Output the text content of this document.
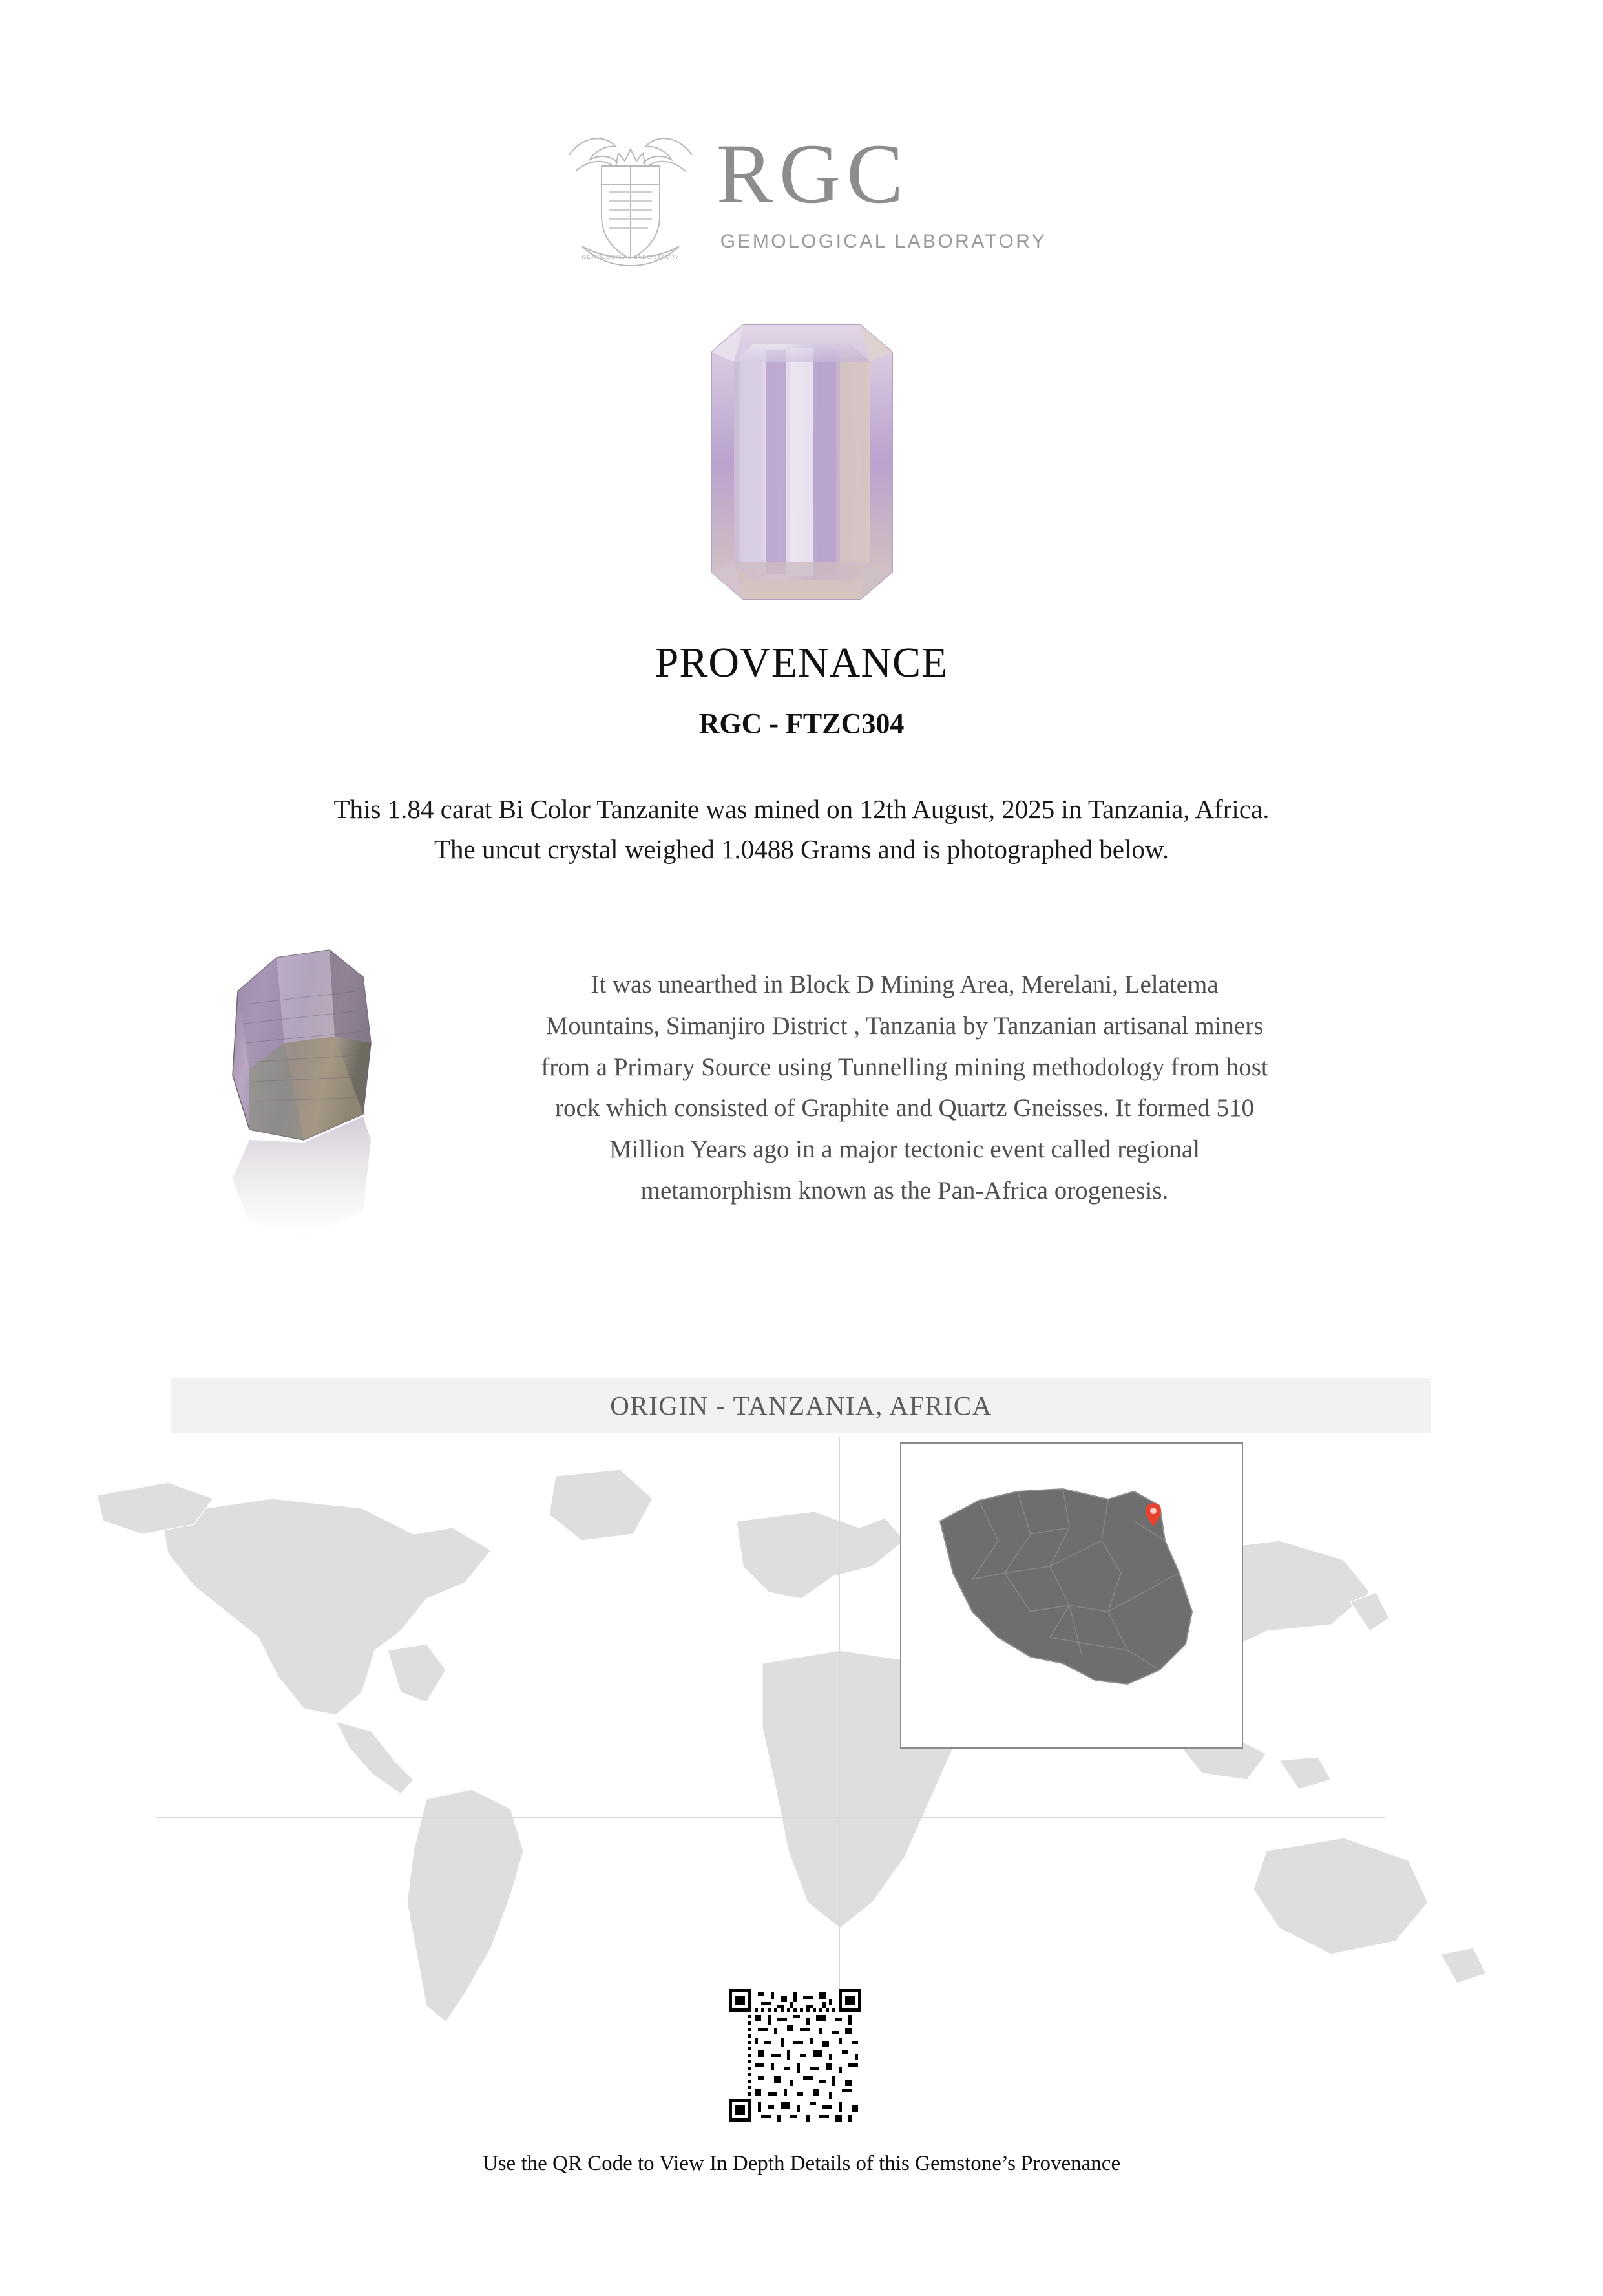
GEMOLOGICAL LABORATORY
RGC
GEMOLOGICAL LABORATORY
PROVENANCE
RGC - FTZC304
This 1.84 carat Bi Color Tanzanite was mined on 12th August, 2025 in Tanzania, Africa.
The uncut crystal weighed 1.0488 Grams and is photographed below.
It was unearthed in Block D Mining Area, Merelani, Lelatema Mountains, Simanjiro District , Tanzania by Tanzanian artisanal miners from a Primary Source using Tunnelling mining methodology from host rock which consisted of Graphite and Quartz Gneisses. It formed 510 Million Years ago in a major tectonic event called regional metamorphism known as the Pan-Africa orogenesis.
ORIGIN - TANZANIA, AFRICA
Use the QR Code to View In Depth Details of this Gemstone’s Provenance
